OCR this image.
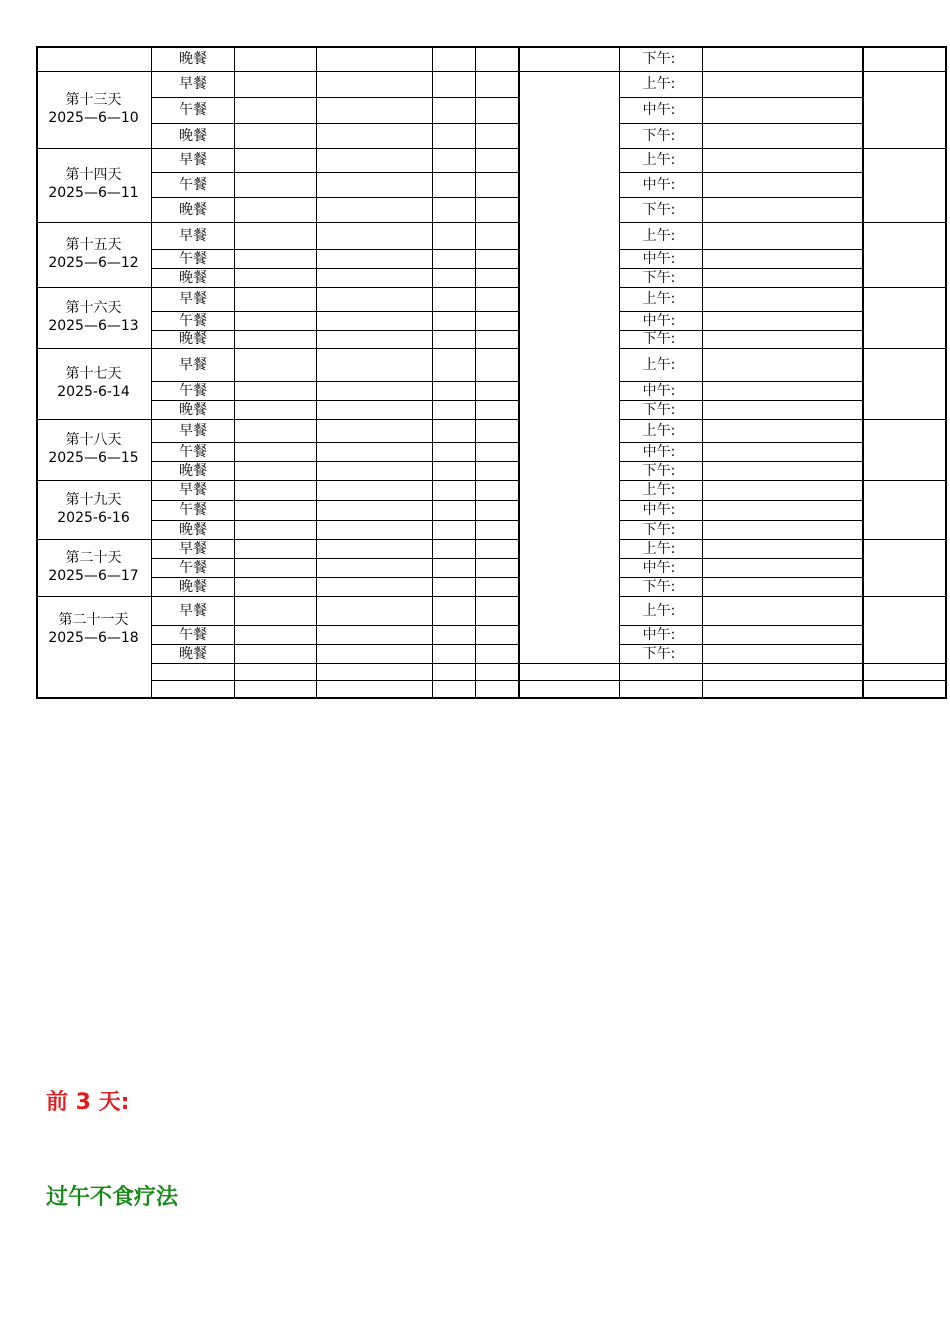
晚餐	下午:
第十三天
2025—6—10
早餐	上午:
午餐	中午:
晚餐	下午:
第十四天
2025—6—11
早餐	上午:
午餐	中午:
晚餐	下午:
第十五天
2025—6—12
早餐	上午:
午餐	中午:
晚餐	下午:
第十六天
2025—6—13
早餐	上午:
午餐	中午:
晚餐	下午:
第十七天
2025-6-14
早餐	上午:
午餐	中午:
晚餐	下午:
第十八天
2025—6—15
早餐	上午:
午餐	中午:
晚餐	下午:
第十九天
2025-6-16
早餐	上午:
午餐	中午:
晚餐	下午:
第二十天
2025—6—17
早餐	上午:
午餐	中午:
晚餐	下午:
第二十一天
2025—6—18
早餐	上午:
午餐	中午:
晚餐	下午:
前 3 天:
过午不食疗法
